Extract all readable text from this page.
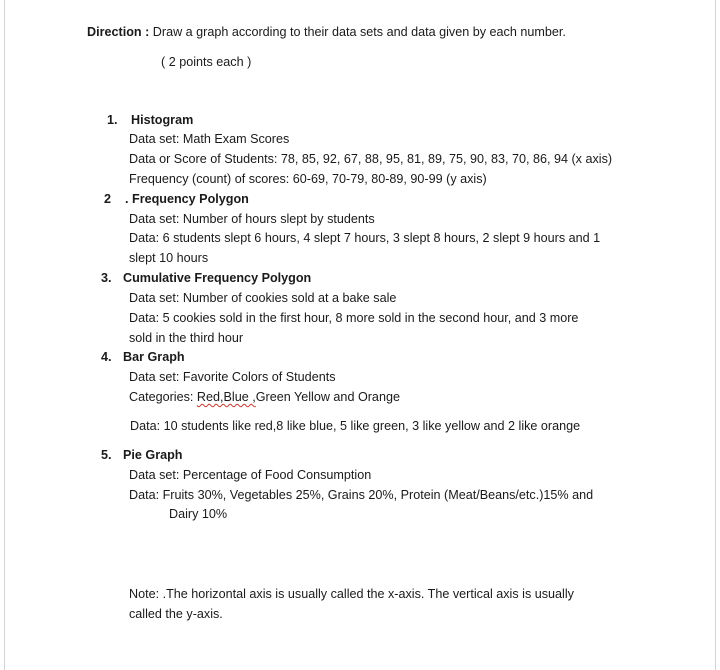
Direction : Draw a graph according to their data sets and data given by each number.
( 2 points each )
1. Histogram
Data set: Math Exam Scores
Data or Score of Students: 78, 85, 92, 67, 88, 95, 81, 89, 75, 90, 83, 70, 86, 94 (x axis)
Frequency (count) of scores: 60-69, 70-79, 80-89, 90-99 (y axis)
2 . Frequency Polygon
Data set: Number of hours slept by students
Data: 6 students slept 6 hours, 4 slept 7 hours, 3 slept 8 hours, 2 slept 9 hours and 1
slept 10 hours
3. Cumulative Frequency Polygon
Data set: Number of cookies sold at a bake sale
Data: 5 cookies sold in the first hour, 8 more sold in the second hour, and 3 more
sold in the third hour
4. Bar Graph
Data set: Favorite Colors of Students
Categories: Red,Blue ,Green Yellow and Orange
Data: 10 students like red,8 like blue, 5 like green, 3 like yellow and 2 like orange
5. Pie Graph
Data set: Percentage of Food Consumption
Data: Fruits 30%, Vegetables 25%, Grains 20%, Protein (Meat/Beans/etc.)15% and
Dairy 10%
Note: .The horizontal axis is usually called the x-axis. The vertical axis is usually
called the y-axis.
